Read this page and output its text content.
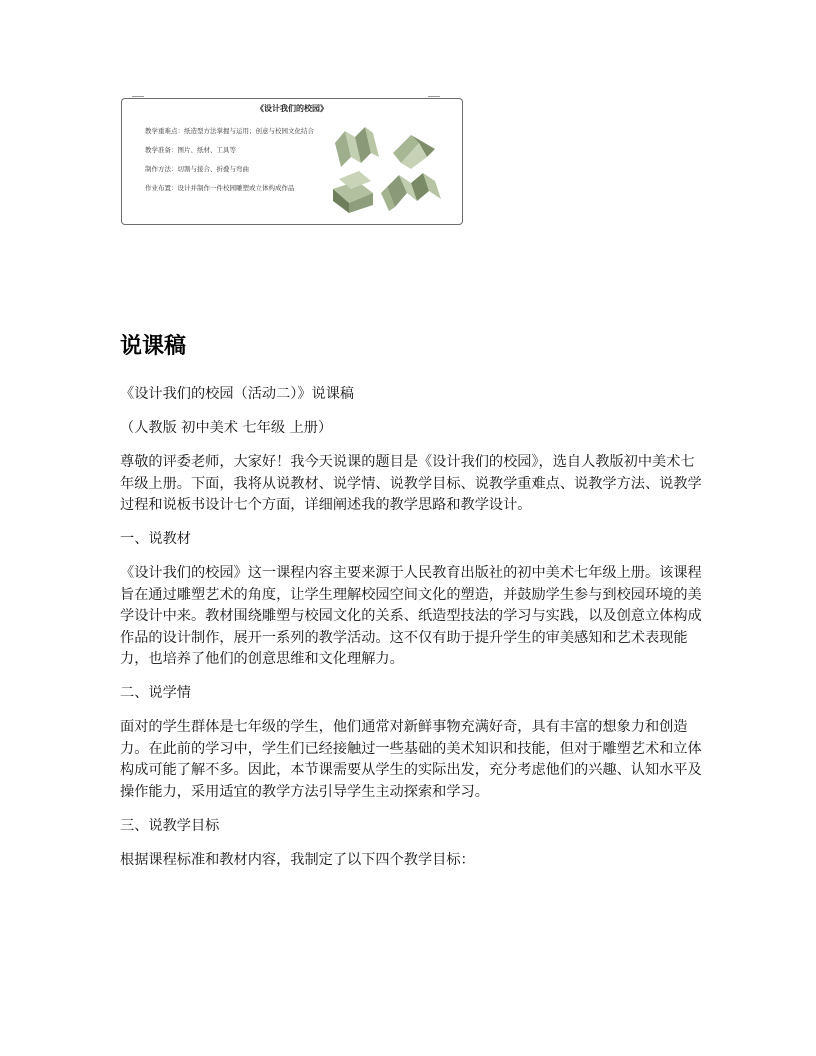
《设计我们的校园》
教学重难点：纸造型方法掌握与运用；创意与校园文化结合
教学准备：图片、纸材、工具等
制作方法：切割与接合、折叠与弯曲
作业布置：设计并制作一件校园雕塑或立体构成作品
说课稿

《设计我们的校园（活动二）》说课稿

（人教版 初中美术 七年级 上册）

尊敬的评委老师，大家好！我今天说课的题目是《设计我们的校园》，选自人教版初中美术七年级上册。下面，我将从说教材、说学情、说教学目标、说教学重难点、说教学方法、说教学过程和说板书设计七个方面，详细阐述我的教学思路和教学设计。

一、说教材

《设计我们的校园》这一课程内容主要来源于人民教育出版社的初中美术七年级上册。该课程旨在通过雕塑艺术的角度，让学生理解校园空间文化的塑造，并鼓励学生参与到校园环境的美学设计中来。教材围绕雕塑与校园文化的关系、纸造型技法的学习与实践，以及创意立体构成作品的设计制作，展开一系列的教学活动。这不仅有助于提升学生的审美感知和艺术表现能力，也培养了他们的创意思维和文化理解力。

二、说学情

面对的学生群体是七年级的学生，他们通常对新鲜事物充满好奇，具有丰富的想象力和创造力。在此前的学习中，学生们已经接触过一些基础的美术知识和技能，但对于雕塑艺术和立体构成可能了解不多。因此，本节课需要从学生的实际出发，充分考虑他们的兴趣、认知水平及操作能力，采用适宜的教学方法引导学生主动探索和学习。

三、说教学目标

根据课程标准和教材内容，我制定了以下四个教学目标：
